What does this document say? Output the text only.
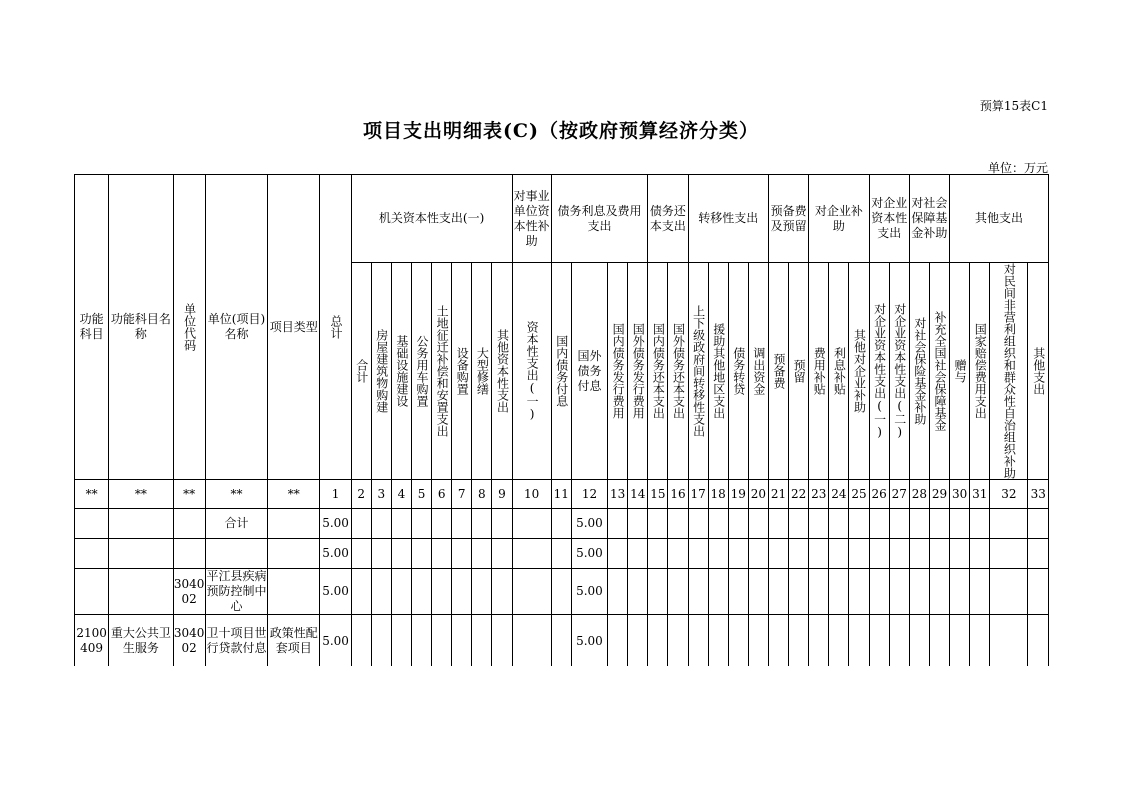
预算15表C1
项目支出明细表(C)（按政府预算经济分类）
单位：万元
功能科目	功能科目名称	单位代码	单位(项目)名称	项目类型	总计	机关资本性支出(一)								对事业单位资本性补助	债务利息及费用支出				债务还本支出		转移性支出				预备费及预留		对企业补助			对企业资本性支出		对社会保障基金补助		其他支出			

						合计	房屋建筑物购建	基础设施建设	公务用车购置	土地征迁补偿和安置支出	设备购置	大型修缮	其他资本性支出	资本性支出(一)	国内债务付息	国外债务付息	国内债务发行费用	国外债务发行费用	国内债务还本支出	国外债务还本支出	上下级政府间转移性支出	援助其他地区支出	债务转贷	调出资金	预备费	预留	费用补贴	利息补贴	其他对企业补助	对企业资本性支出(一)	对企业资本性支出(二)	对社会保险基金补助	补充全国社会保障基金	赠与	国家赔偿费用支出	对民间非营利组织和群众性自治组织补助	其他支出

**	**	**	**	**	1	2	3	4	5	6	7	8	9	10	11	12	13	14	15	16	17	18	19	20	21	22	23	24	25	26	27	28	29	30	31	32	33
			合计		5.00											5.00																					
					5.00											5.00																					
		304002	平江县疾病预防控制中心		5.00											5.00																					
2100409	重大公共卫生服务	304002	卫十项目世行贷款付息	政策性配套项目	5.00											5.00																					
